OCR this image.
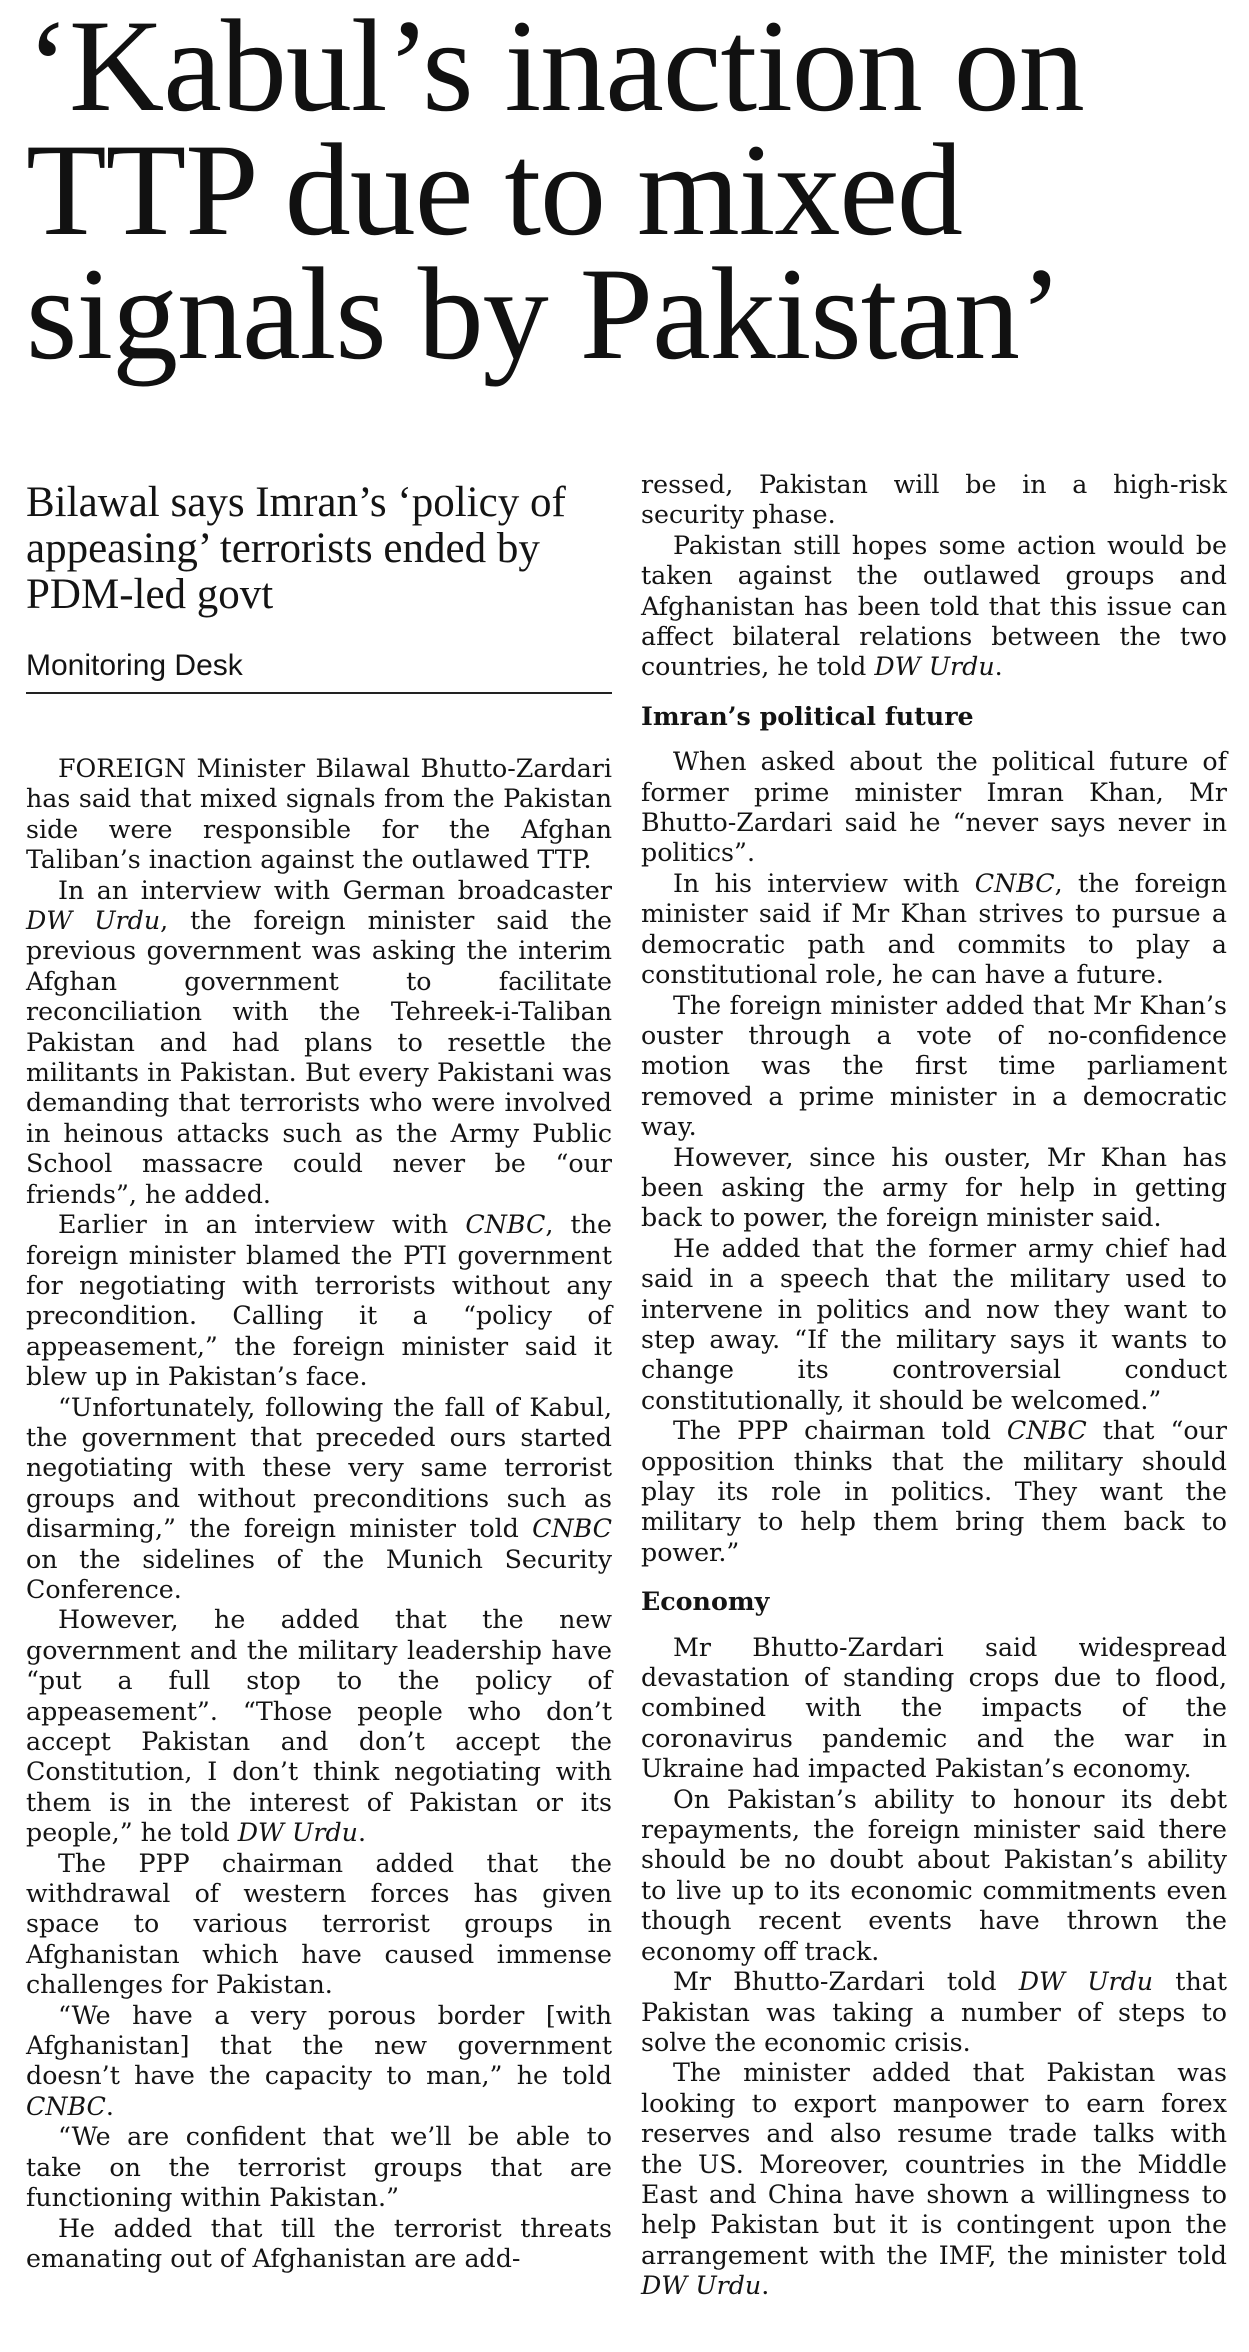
‘Kabul’s inaction on TTP due to mixed signals by Pakistan’
Bilawal says Imran’s ‘policy of appeasing’ terrorists ended by PDM-led govt
Monitoring Desk

FOREIGN Minister Bilawal Bhutto-Zardari has said that mixed signals from the Pakistan side were responsible for the Afghan Taliban’s inaction against the outlawed TTP.

In an interview with German broadcaster DW Urdu, the foreign minister said the previous government was asking the interim Afghan government to facilitate reconciliation with the Tehreek-i-Taliban Pakistan and had plans to resettle the militants in Pakistan. But every Pakistani was demanding that terrorists who were involved in heinous attacks such as the Army Public School massacre could never be “our friends”, he added.

Earlier in an interview with CNBC, the foreign minister blamed the PTI government for negotiating with terrorists without any precondition. Calling it a “policy of appeasement,” the foreign minister said it blew up in Pakistan’s face.

“Unfortunately, following the fall of Kabul, the government that preceded ours started negotiating with these very same terrorist groups and without preconditions such as disarming,” the foreign minister told CNBC on the sidelines of the Munich Security Conference.

However, he added that the new government and the military leadership have “put a full stop to the policy of appeasement”. “Those people who don’t accept Pakistan and don’t accept the Constitution, I don’t think negotiating with them is in the interest of Pakistan or its people,” he told DW Urdu.

The PPP chairman added that the withdrawal of western forces has given space to various terrorist groups in Afghanistan which have caused immense challenges for Pakistan.

“We have a very porous border [with Afghanistan] that the new government doesn’t have the capacity to man,” he told CNBC.

“We are confident that we’ll be able to take on the terrorist groups that are functioning within Pakistan.”

He added that till the terrorist threats emanating out of Afghanistan are add-

ressed, Pakistan will be in a high-risk security phase.

Pakistan still hopes some action would be taken against the outlawed groups and Afghanistan has been told that this issue can affect bilateral relations between the two countries, he told DW Urdu.

Imran’s political future

When asked about the political future of former prime minister Imran Khan, Mr Bhutto-Zardari said he “never says never in politics”.

In his interview with CNBC, the foreign minister said if Mr Khan strives to pursue a democratic path and commits to play a constitutional role, he can have a future.

The foreign minister added that Mr Khan’s ouster through a vote of no-confidence motion was the first time parliament removed a prime minister in a democratic way.

However, since his ouster, Mr Khan has been asking the army for help in getting back to power, the foreign minister said.

He added that the former army chief had said in a speech that the military used to intervene in politics and now they want to step away. “If the military says it wants to change its controversial conduct constitutionally, it should be welcomed.”

The PPP chairman told CNBC that “our opposition thinks that the military should play its role in politics. They want the military to help them bring them back to power.”

Economy

Mr Bhutto-Zardari said widespread devastation of standing crops due to flood, combined with the impacts of the coronavirus pandemic and the war in Ukraine had impacted Pakistan’s economy.

On Pakistan’s ability to honour its debt repayments, the foreign minister said there should be no doubt about Pakistan’s ability to live up to its economic commitments even though recent events have thrown the economy off track.

Mr Bhutto-Zardari told DW Urdu that Pakistan was taking a number of steps to solve the economic crisis.

The minister added that Pakistan was looking to export manpower to earn forex reserves and also resume trade talks with the US. Moreover, countries in the Middle East and China have shown a willingness to help Pakistan but it is contingent upon the arrangement with the IMF, the minister told DW Urdu.
